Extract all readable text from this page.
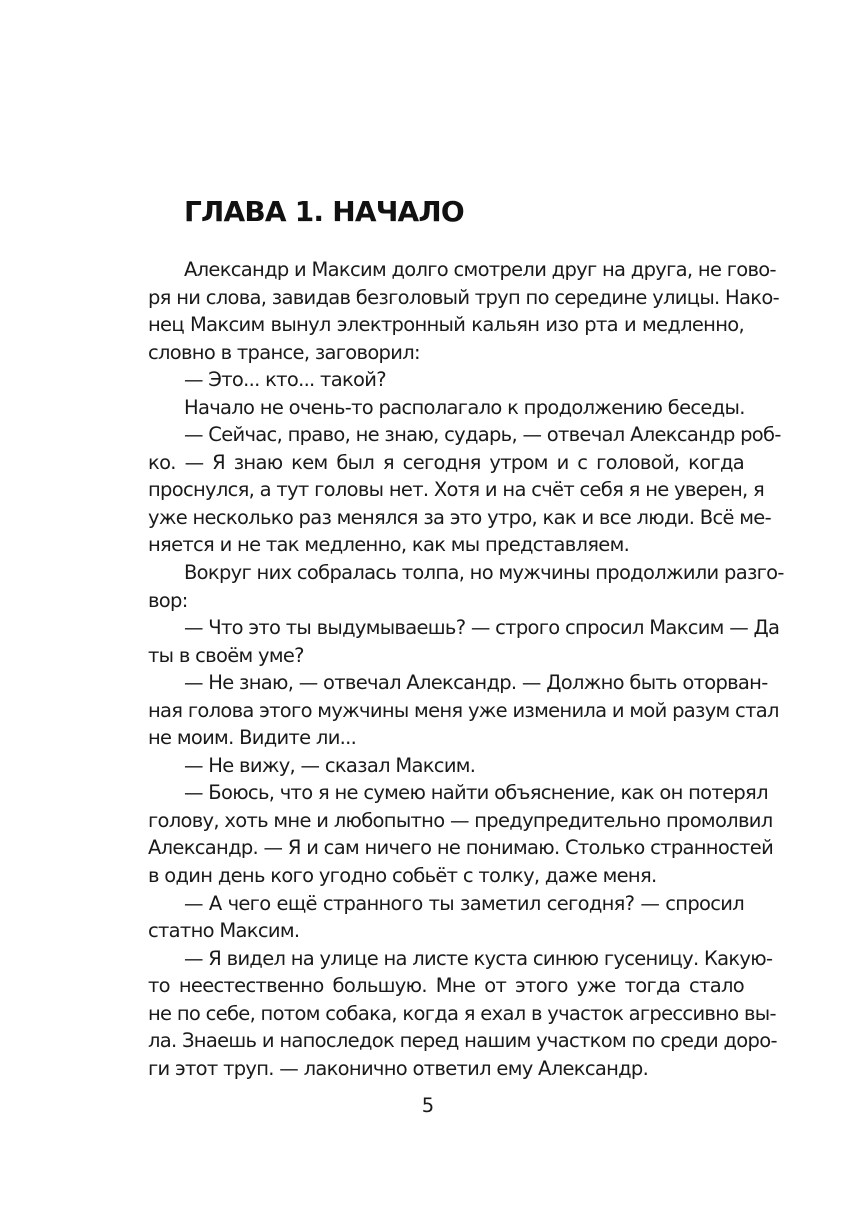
ГЛАВА 1. НАЧАЛО
Александр и Максим долго смотрели друг на друга, не гово-
ря ни слова, завидав безголовый труп по середине улицы. Нако-
нец Максим вынул электронный кальян изо рта и медленно,
словно в трансе, заговорил:
— Это... кто... такой?
Начало не очень-то располагало к продолжению беседы.
— Сейчас, право, не знаю, сударь, — отвечал Александр роб-
ко. — Я знаю кем был я сегодня утром и с головой, когда
проснулся, а тут головы нет. Хотя и на счёт себя я не уверен, я
уже несколько раз менялся за это утро, как и все люди. Всё ме-
няется и не так медленно, как мы представляем.
Вокруг них собралась толпа, но мужчины продолжили разго-
вор:
— Что это ты выдумываешь? — строго спросил Максим — Да
ты в своём уме?
— Не знаю, — отвечал Александр. — Должно быть оторван-
ная голова этого мужчины меня уже изменила и мой разум стал
не моим. Видите ли...
— Не вижу, — сказал Максим.
— Боюсь, что я не сумею найти объяснение, как он потерял
голову, хоть мне и любопытно — предупредительно промолвил
Александр. — Я и сам ничего не понимаю. Столько странностей
в один день кого угодно собьёт с толку, даже меня.
— А чего ещё странного ты заметил сегодня? — спросил
статно Максим.
— Я видел на улице на листе куста синюю гусеницу. Какую-
то неестественно большую. Мне от этого уже тогда стало
не по себе, потом собака, когда я ехал в участок агрессивно вы-
ла. Знаешь и напоследок перед нашим участком по среди доро-
ги этот труп. — лаконично ответил ему Александр.
5
